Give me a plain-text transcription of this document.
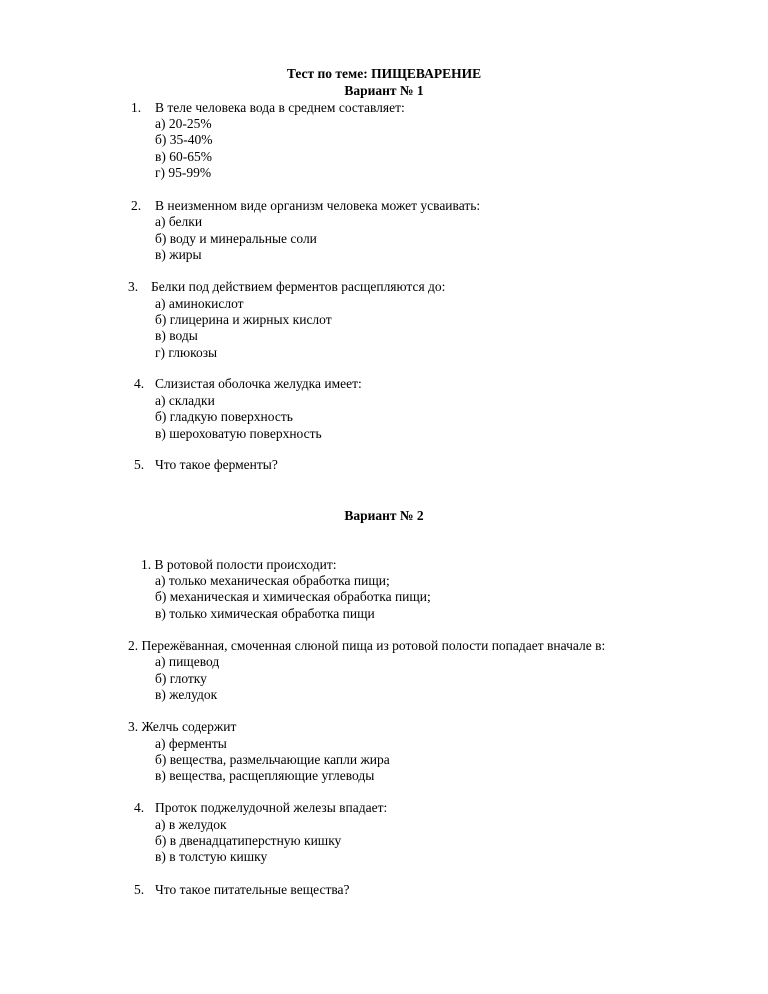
Тест по теме: ПИЩЕВАРЕНИЕ
Вариант № 1
1. В теле человека вода в среднем составляет:
а) 20-25%
б) 35-40%
в) 60-65%
г) 95-99%
2. В неизменном виде организм человека может усваивать:
а) белки
б) воду и минеральные соли
в) жиры
3. Белки под действием ферментов расщепляются до:
а) аминокислот
б) глицерина и жирных кислот
в) воды
г) глюкозы
4. Слизистая оболочка желудка имеет:
а) складки
б) гладкую поверхность
в) шероховатую поверхность
5. Что такое ферменты?
Вариант № 2
1. В ротовой полости происходит:
а) только механическая обработка пищи;
б) механическая и химическая обработка пищи;
в) только химическая обработка пищи
2. Пережёванная, смоченная слюной пища из ротовой полости попадает вначале в:
а) пищевод
б) глотку
в) желудок
3. Желчь содержит
а) ферменты
б) вещества, размельчающие капли жира
в) вещества, расщепляющие углеводы
4. Проток поджелудочной железы впадает:
а) в желудок
б) в двенадцатиперстную кишку
в) в толстую кишку
5. Что такое питательные вещества?
